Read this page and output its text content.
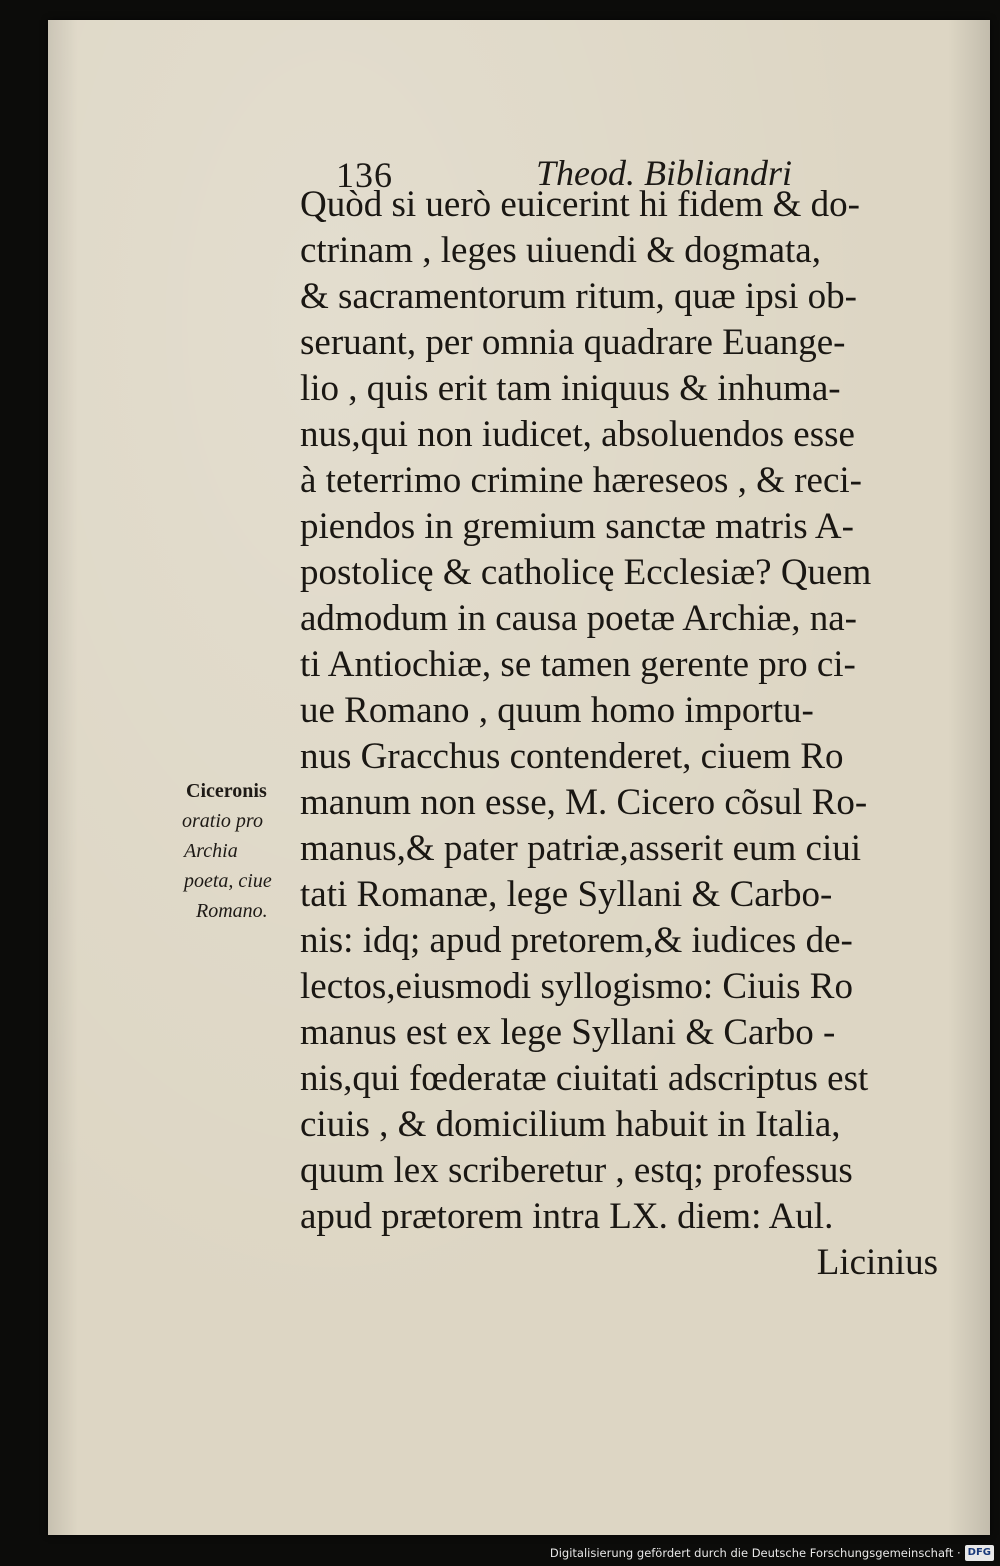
136	Theod. Bibliandri
Quòd si uerò euicerint hi fidem & do-
ctrinam , leges uiuendi & dogmata,
& sacramentorum ritum, quæ ipsi ob-
seruant, per omnia quadrare Euange-
lio , quis erit tam iniquus & inhuma-
nus,qui non iudicet, absoluendos esse
à teterrimo crimine hæreseos , & reci-
piendos in gremium sanctæ matris A-
postolicę & catholicę Ecclesiæ? Quem
admodum in causa poetæ Archiæ, na-
ti Antiochiæ, se tamen gerente pro ci-
ue Romano , quum homo importu-
nus Gracchus contenderet, ciuem Ro
manum non esse, M. Cicero cõsul Ro-
manus,& pater patriæ,asserit eum ciui
tati Romanæ, lege Syllani & Carbo-
nis: idq; apud pretorem,& iudices de-
lectos,eiusmodi syllogismo: Ciuis Ro
manus est ex lege Syllani & Carbo -
nis,qui fœderatæ ciuitati adscriptus est
ciuis , & domicilium habuit in Italia,
quum lex scriberetur , estq; professus
apud prætorem intra LX. diem: Aul.
Licinius
Ciceronis
oratio pro
Archia
poeta, ciue
Romano.
Digitalisierung gefördert durch die Deutsche Forschungsgemeinschaft · DFG
